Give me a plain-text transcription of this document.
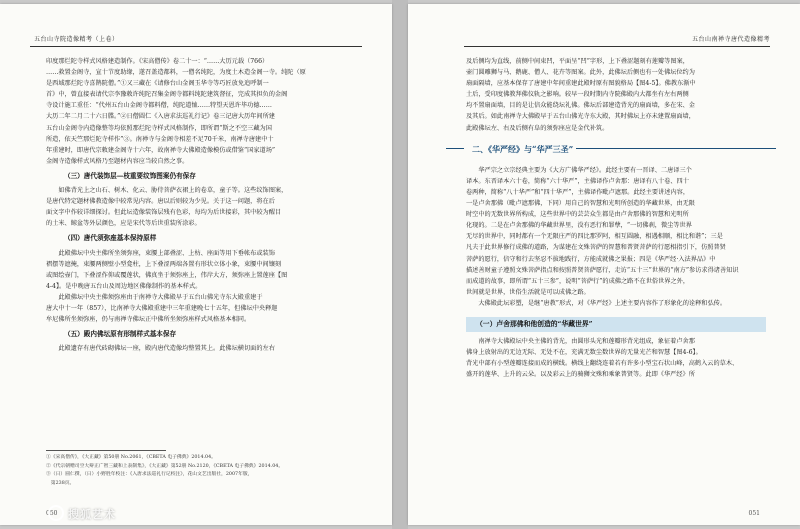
五台山寺院造像精考（上卷）

印度那烂陀寺样式风格建造制作。《宋高僧传》卷二十一：“……大历元载（766）

……救置金阁寺，宣十节度助缘，遂召盖造都料，一僧名纯陀，为度土木造金阁一寺。纯陀（原

是西域那烂陀寺喜鹊院僧。”①又三藏在《请修台山金阁玉华寺等巧匠放免追呼制一

首》中，曾直接表请代宗李豫敕许纯陀召集金阁寺都料纯陀建筑督征，完成其担负的金阁

寺设计施工重任：“代州五台山金阁寺都料僧，纯陀道恤……特望天恩许毕功德……

大历二年二月二十六日牒。”②日僧圆仁《入唐求法巡礼行记》卷三记唐大历年间所建

五台山金阁寺内造像整等均依照那烂陀寺样式风格制作，即所谓“斯之不空三藏为国

所造，依天竺那烂陀寺样作”③。南禅寺与金阁寺相差不足70千米，南禅寺唐建中十

年重建时，即唐代宗敕建金阁寺十六年，故南禅寺大佛殿造像模仿或借鉴“国家道场”

金阁寺造像样式风格乃至题材内容应当较自然之事。

（三）唐代装饰层—枝重要纹饰图案仍有保存

　　如佛背光上之山石、树木、化云、胁侍菩萨衣裙上的卷草，童子等。这些纹饰图案，

是唐代特定题材佛教造像中较常见内容。唐以后则较为少见。关于这一问题，将在后

面文字中作较详细探讨。但此坛造像装饰层残有色彩，每均为后世接彩，其中较为醒目

的土米、鲸盆等外层颜色，应是宋代等后世重装所涂彩。

（四）唐代须弥座基本保持原样

　　此殿佛坛中央主佛所坐须弥座，束腰上部叠涩、上枋、座面等用下垂帐布或装饰

褶摆等遮掩，束腰两侧壁小型龛柱，上下叠涩两端各置有形状立体小象，束腰中间镶刻

或图绘壶门，下叠涩作仰或覆莲状，佛真坐于须弥座上，伟岸大方，须弥座上置莲座【图

4-4】。是中晚唐五台山及周边地区佛像制作的基本样式。

　　此殿佛坛中央主佛须弥座由于南禅寺大佛殿早于五台山佛光寺东大殿重建于

唐大中十一年（857），比南禅寺大佛殿重建中三年重建晚七十五年，但佛坛中央释迦

牟尼佛所坐须弥座，仍与南禅寺佛坛正中佛所坐须弥座样式风格基本相同。

（五）殿内佛坛原有形制样式基本保存

　　此殿遗存有唐代砖砌佛坛一座，殿内唐代造像均整置其上。此佛坛横切面的左右

①《宋高僧传》，《大正藏》第50册 No.2061，《CBETA 电子佛典》2014.04。
②《代宗朝赠司空大辩正广智三藏和上表制集》，《大正藏》第52册 No.2120，《CBETA 电子佛典》2014.04。
③（日）圆仁撰，（日）小野胜年校注：《入唐求法巡礼行记校注》，花山文艺出版社，2007年版，
　第238页。
050
五台山南禅寺唐代造像精考

及后侧均为直线，前侧中间束凹，平面呈“凹”字形，上下叠涩题刻有莲瓣等图案，

壶门圆雕狮与马、鹅鹿、僧人、花卉等图案。此外，此佛坛后侧也有一处佛坛位约为

扇面隔墙，应基本保存了唐建中年间重建此殿时原有图貌格局【图4-5】。佛教东渐中

土后，受印度佛教拜佛仪轨之影响。较早一段时期内寺院佛殿内大都坐有左右两侧

均不置扇面墙，目的是让信众能绕坛礼佛。佛坛后部建造背光的扇面墙，多在宋、金

及其后。如此南禅寺大佛殿早于五台山佛光寺东大殿，其时佛坛上亦未建置扇面墙，

此殿佛坛左、右及后侧有阜的须弥座应是金代补筑。

二、《华严经》与“华严三圣”

　　华严宗之立宗经典主要为《大方广佛华严经》。此经主要有一晋译、二唐译三个

译本。东晋译本六十卷，简称“六十华严”，主佛译作卢舍那：唐译有八十卷、四十

卷两种，简称“八十华严”和“四十华严”，主佛译作毗卢遮那。此经主要讲述内容，

一是卢舍那佛（毗卢遮那佛，下同）用自己的智慧和光明所创造的华藏世界，由无限

时空中的无数世界所构成，这些世界中的芸芸众生都是由卢舍那佛的智慧和光明所

化现的。二是在卢舍那佛的华藏世界里，没有恶行和罪孽，“一切佛刹，微尘等世界

无尽的世界中，同时都有一个无限庄严的四比那罗阿，相互圆融，相遇相顺，相比和谐”；三是

凡夫于此世界修行成佛的道路，为谋建在文殊菩萨的智慧和普贤菩萨的行愿相指引下，仿照普贤

菩萨的愿行，信守和行去坚忍不拔地践行，方能成就佛之果报；四是《华严经·入法界品》中

描述善财童子遵照文殊菩萨指点和按照普贤菩萨愿行，走访“五十三”世界的“南方”参访求得诸善知识

而成道的故事，即所谓“五十三参”，说明“菩萨行”的成佛之路不在世俗世界之外，

世间就是世界，世俗生活就是可以成佛之路。

　　大佛殿此坛彩塑，是继“唐教”形式，对《华严经》上述主要内容作了形象化的诠释和弘传。

（一）卢舍那佛和他创造的“华藏世界”

　　南禅寺大佛殿坛中央主佛的背光，由圆形头光和莲瓣形背光组成，象征着卢舍那

佛身上放射出的无边无际、无处不在，充满无数尘数世界的无量光芒和智慧【图4-6】。

背光中部有小型莲瓣连接而成的横线。横线上翻绕连着若有许多小型宝石状山峰，高鹤入云的草木、

盛开的莲华、上升的云朵。以及彩云上的骑狮文殊和乘象普贤等。此即《华严经》所

051
搜狐艺术
